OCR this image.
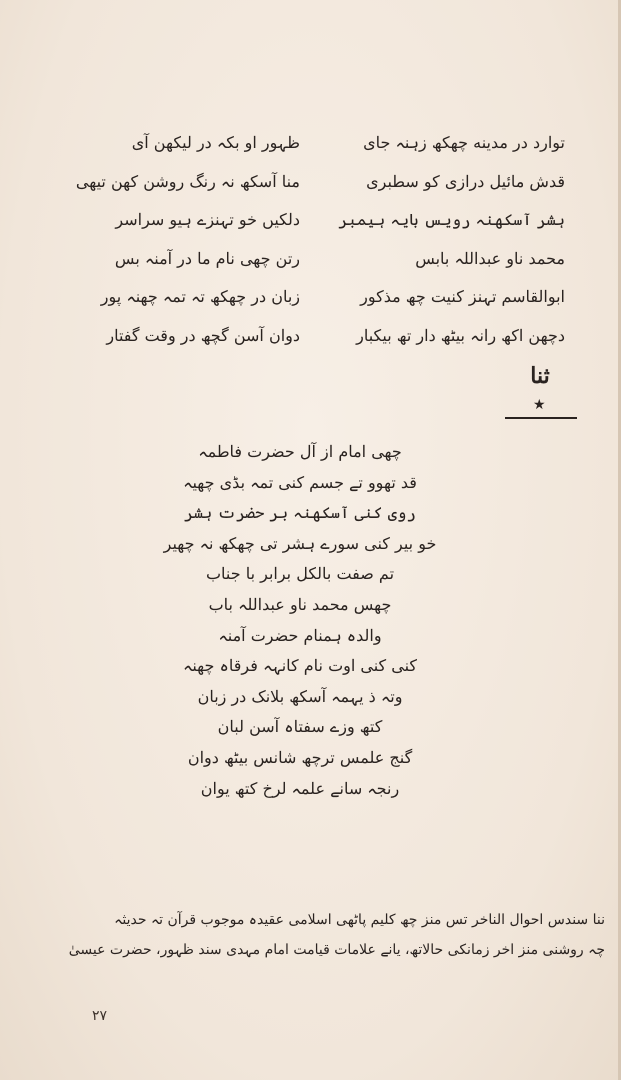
توارد در مدینه چھکھ زہنہ جای
قدش مائیل درازی کو سطبری
ہشر آسکھنہ رویس بایہ ہیمبر
محمد ناو عبداللہ بابس
ابوالقاسم تہنز کنیت چھ مذکور
دچھن اکھ رانہ بیٹھ دار تھ بیکبار
ظہور او بکہ در لیکھن آی
منا آسکھ نہ رنگ روشن کھن تیھی
دلکیں خو تہنزے ہیو سراسر
رتن چھی نام ما در آمنہ بس
زبان در چھکھ تہ تمہ چھنہ پور
دوان آسن گچھ در وقت گفتار
ثنا
★
چھی امام از آل حضرت فاطمہ
قد تھوو تے جسم کنی تمہ بڈی چھیہ
روی کنی آسکھنہ بر حضرت ہشر
خو بیر کنی سورے ہشر تی چھکھ نہ چھیر
تم صفت بالکل برابر با جناب
چھس محمد ناو عبداللہ باب
والدہ ہمنام حضرت آمنہ
کنی کنی اوت نام کانہہ فرقاہ چھنہ
وتہ ذ یہمہ آسکھ بلانک در زبان
کتھ وزے سفتاہ آسن لبان
گنج علمس ترچھ شانس بیٹھ دوان
رنجہ سانے علمہ لرخ کتھ یوان

ننا سندس احوال الناخر تس منز چھ کلیم پاٹھی اسلامی عقیدہ موجوب قرآن تہ حدیثہ

چہ روشنی منز اخر زمانکی حالاتھ، یانے علامات قیامت امام مہدی سند ظہور، حضرت عیسیٰ

٢٧
